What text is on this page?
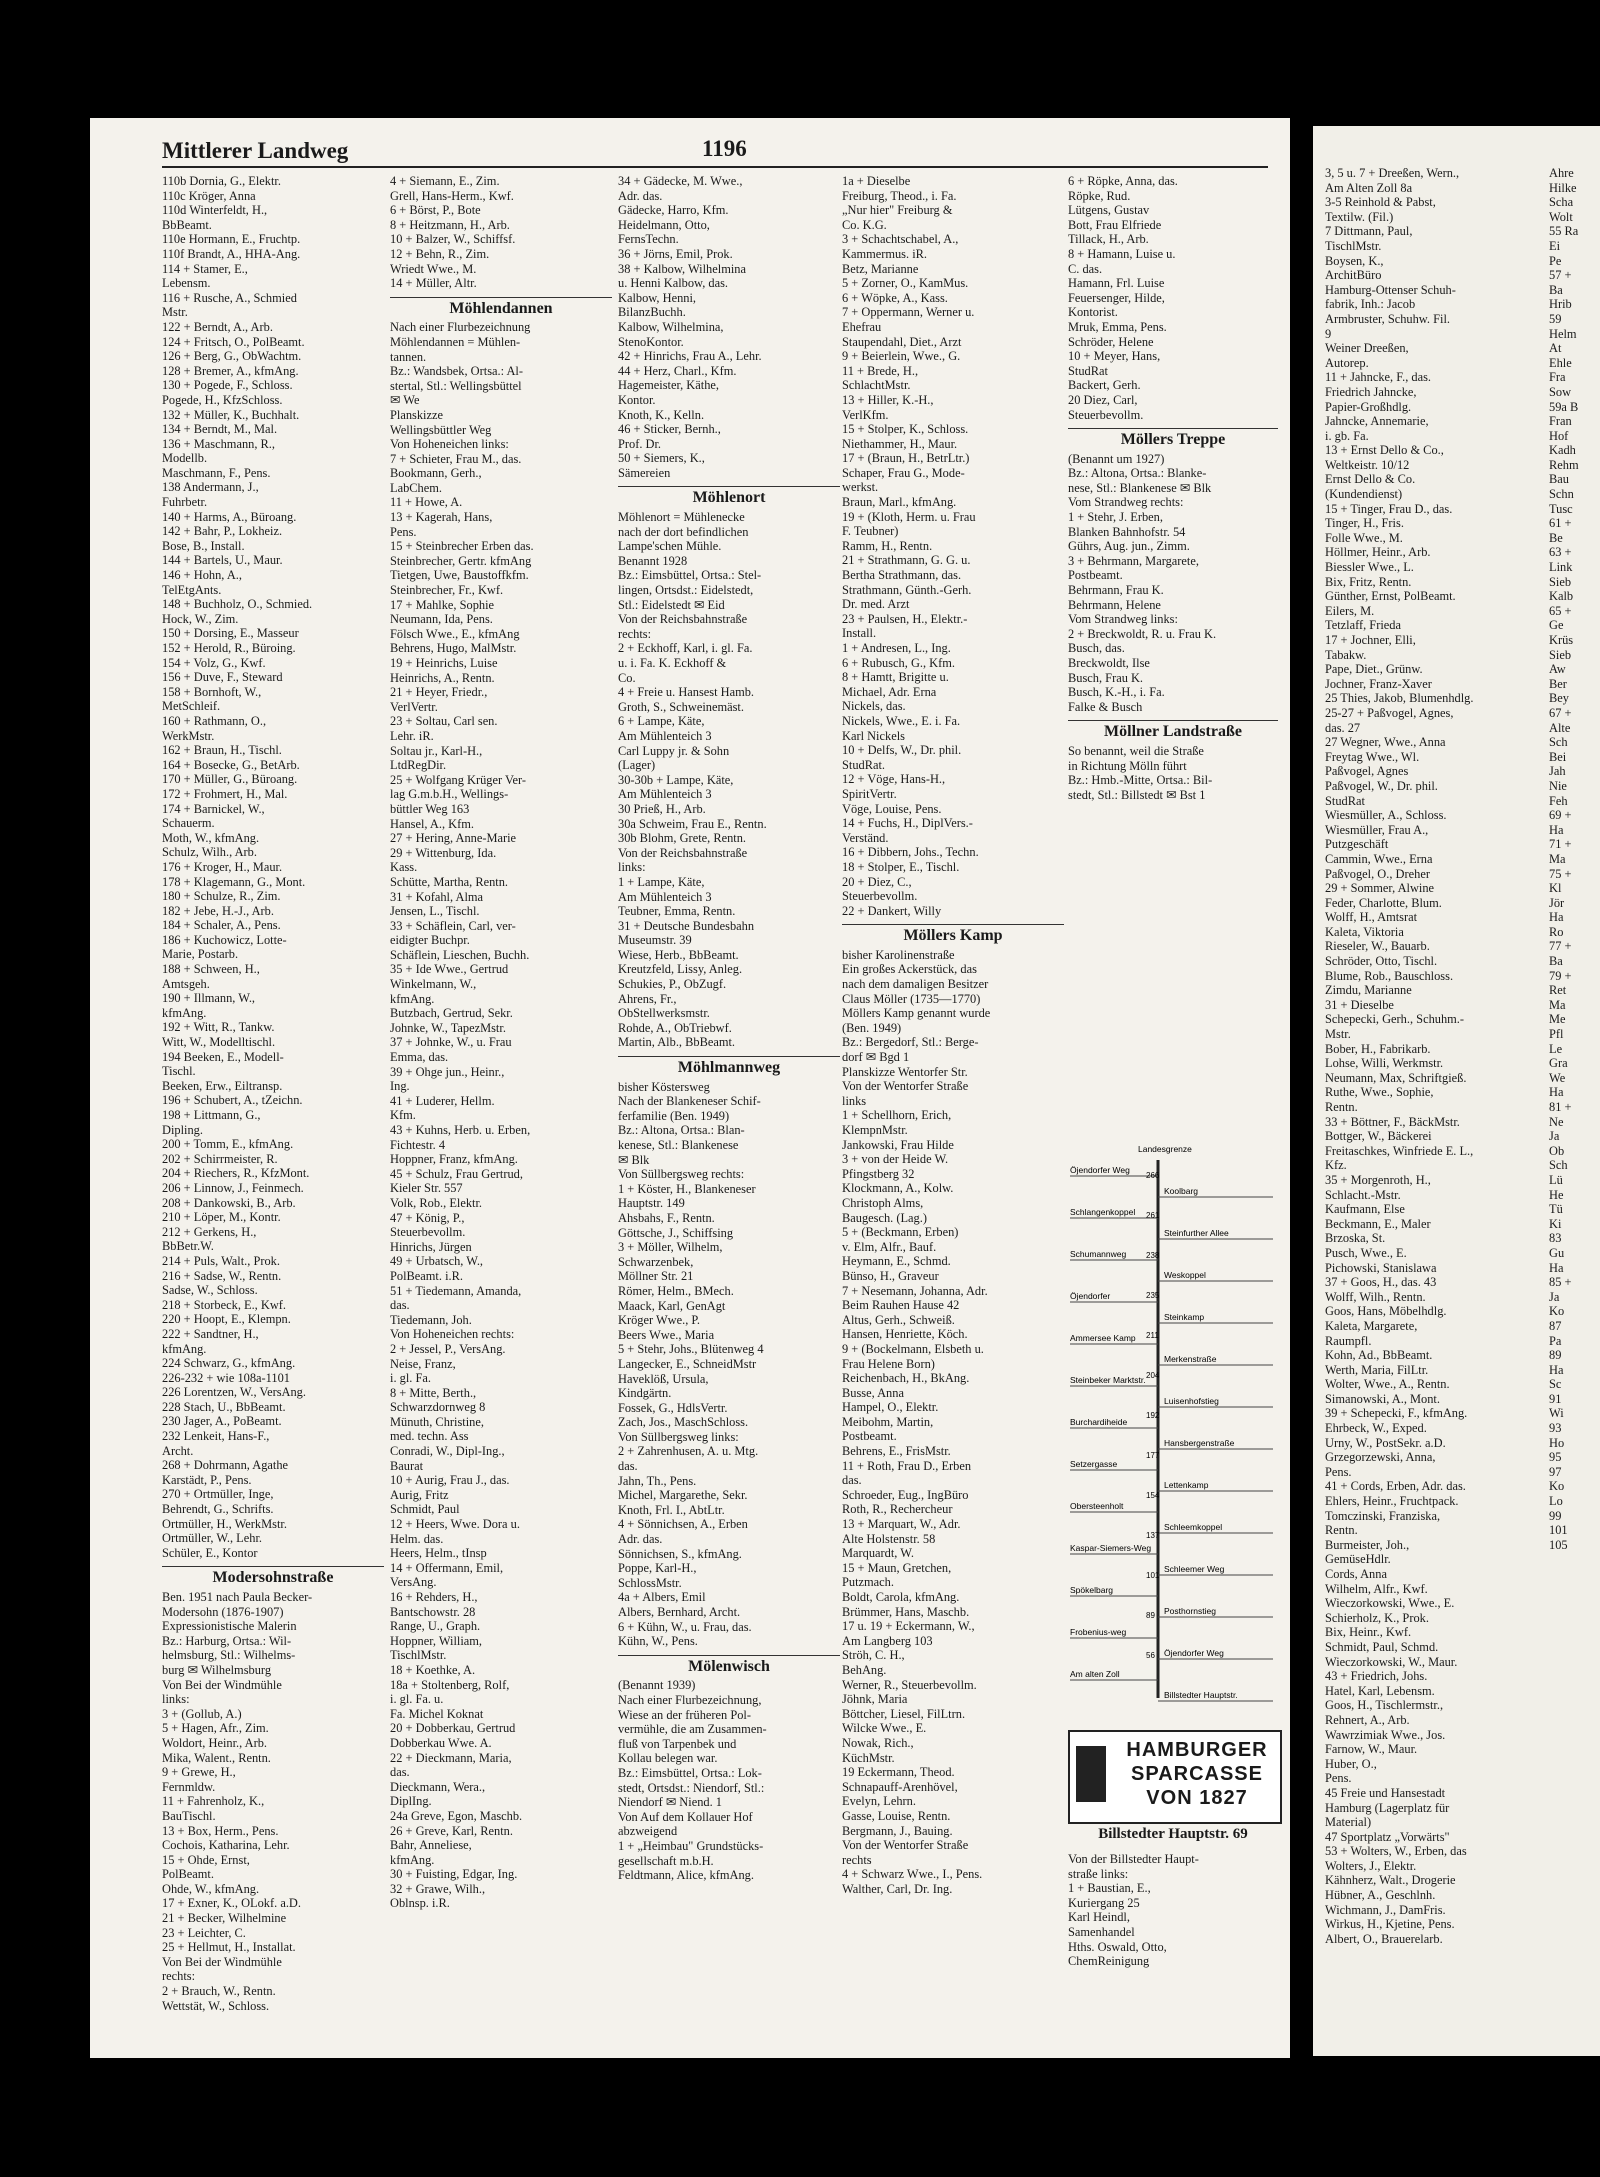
Mittlerer Landweg	1196
110b Dornia, G., Elektr.
110c Kröger, Anna
110d Winterfeldt, H.,
BbBeamt.
110e Hormann, E., Fruchtp.
110f Brandt, A., HHA-Ang.
114 + Stamer, E.,
Lebensm.
116 + Rusche, A., Schmied
Mstr.
122 + Berndt, A., Arb.
124 + Fritsch, O., PolBeamt.
126 + Berg, G., ObWachtm.
128 + Bremer, A., kfmAng.
130 + Pogede, F., Schloss.
Pogede, H., KfzSchloss.
132 + Müller, K., Buchhalt.
134 + Berndt, M., Mal.
136 + Maschmann, R.,
Modellb.
Maschmann, F., Pens.
138 Andermann, J.,
Fuhrbetr.
140 + Harms, A., Büroang.
142 + Bahr, P., Lokheiz.
Bose, B., Install.
144 + Bartels, U., Maur.
146 + Hohn, A.,
TelEtgAnts.
148 + Buchholz, O., Schmied.
Hock, W., Zim.
150 + Dorsing, E., Masseur
152 + Herold, R., Büroing.
154 + Volz, G., Kwf.
156 + Duve, F., Steward
158 + Bornhoft, W.,
MetSchleif.
160 + Rathmann, O.,
WerkMstr.
162 + Braun, H., Tischl.
164 + Bosecke, G., BetArb.
170 + Müller, G., Büroang.
172 + Frohmert, H., Mal.
174 + Barnickel, W.,
Schauerm.
Moth, W., kfmAng.
Schulz, Wilh., Arb.
176 + Kroger, H., Maur.
178 + Klagemann, G., Mont.
180 + Schulze, R., Zim.
182 + Jebe, H.-J., Arb.
184 + Schaler, A., Pens.
186 + Kuchowicz, Lotte-
Marie, Postarb.
188 + Schween, H.,
Amtsgeh.
190 + Illmann, W.,
kfmAng.
192 + Witt, R., Tankw.
Witt, W., Modelltischl.
194 Beeken, E., Modell-
Tischl.
Beeken, Erw., Eiltransp.
196 + Schubert, A., tZeichn.
198 + Littmann, G.,
Dipling.
200 + Tomm, E., kfmAng.
202 + Schirrmeister, R.
204 + Riechers, R., KfzMont.
206 + Linnow, J., Feinmech.
208 + Dankowski, B., Arb.
210 + Löper, M., Kontr.
212 + Gerkens, H.,
BbBetr.W.
214 + Puls, Walt., Prok.
216 + Sadse, W., Rentn.
Sadse, W., Schloss.
218 + Storbeck, E., Kwf.
220 + Hoopt, E., Klempn.
222 + Sandtner, H.,
kfmAng.
224 Schwarz, G., kfmAng.
226-232 + wie 108a-1101
226 Lorentzen, W., VersAng.
228 Stach, U., BbBeamt.
230 Jager, A., PoBeamt.
232 Lenkeit, Hans-F.,
Archt.
268 + Dohrmann, Agathe
Karstädt, P., Pens.
270 + Ortmüller, Inge,
Behrendt, G., Schrifts.
Ortmüller, H., WerkMstr.
Ortmüller, W., Lehr.
Schüler, E., Kontor
Modersohnstraße
Ben. 1951 nach Paula Becker-
Modersohn (1876-1907)
Expressionistische Malerin
Bz.: Harburg, Ortsa.: Wil-
helmsburg, Stl.: Wilhelms-
burg ✉ Wilhelmsburg
Von Bei der Windmühle
links:
3 + (Gollub, A.)
5 + Hagen, Afr., Zim.
Woldort, Heinr., Arb.
Mika, Walent., Rentn.
9 + Grewe, H.,
Fernmldw.
11 + Fahrenholz, K.,
BauTischl.
13 + Box, Herm., Pens.
Cochois, Katharina, Lehr.
15 + Ohde, Ernst,
PolBeamt.
Ohde, W., kfmAng.
17 + Exner, K., OLokf. a.D.
21 + Becker, Wilhelmine
23 + Leichter, C.
25 + Hellmut, H., Installat.
Von Bei der Windmühle
rechts:
2 + Brauch, W., Rentn.
Wettstät, W., Schloss.
4 + Siemann, E., Zim.
Grell, Hans-Herm., Kwf.
6 + Börst, P., Bote
8 + Heitzmann, H., Arb.
10 + Balzer, W., Schiffsf.
12 + Behn, R., Zim.
Wriedt Wwe., M.
14 + Müller, Altr.
Möhlendannen
Nach einer Flurbezeichnung
Möhlendannen = Mühlen-
tannen.
Bz.: Wandsbek, Ortsa.: Al-
stertal, Stl.: Wellingsbüttel
✉ We
Planskizze
Wellingsbüttler Weg
Von Hoheneichen links:
7 + Schieter, Frau M., das.
Bookmann, Gerh.,
LabChem.
11 + Howe, A.
13 + Kagerah, Hans,
Pens.
15 + Steinbrecher Erben das.
Steinbrecher, Gertr. kfmAng
Tietgen, Uwe, Baustoffkfm.
Steinbrecher, Fr., Kwf.
17 + Mahlke, Sophie
Neumann, Ida, Pens.
Fölsch Wwe., E., kfmAng
Behrens, Hugo, MalMstr.
19 + Heinrichs, Luise
Heinrichs, A., Rentn.
21 + Heyer, Friedr.,
VerlVertr.
23 + Soltau, Carl sen.
Lehr. iR.
Soltau jr., Karl-H.,
LtdRegDir.
25 + Wolfgang Krüger Ver-
lag G.m.b.H., Wellings-
büttler Weg 163
Hansel, A., Kfm.
27 + Hering, Anne-Marie
29 + Wittenburg, Ida.
Kass.
Schütte, Martha, Rentn.
31 + Kofahl, Alma
Jensen, L., Tischl.
33 + Schäflein, Carl, ver-
eidigter Buchpr.
Schäflein, Lieschen, Buchh.
35 + Ide Wwe., Gertrud
Winkelmann, W.,
kfmAng.
Butzbach, Gertrud, Sekr.
Johnke, W., TapezMstr.
37 + Johnke, W., u. Frau
Emma, das.
39 + Ohge jun., Heinr.,
Ing.
41 + Luderer, Hellm.
Kfm.
43 + Kuhns, Herb. u. Erben,
Fichtestr. 4
Hoppner, Franz, kfmAng.
45 + Schulz, Frau Gertrud,
Kieler Str. 557
Volk, Rob., Elektr.
47 + König, P.,
Steuerbevollm.
Hinrichs, Jürgen
49 + Urbatsch, W.,
PolBeamt. i.R.
51 + Tiedemann, Amanda,
das.
Tiedemann, Joh.
Von Hoheneichen rechts:
2 + Jessel, P., VersAng.
Neise, Franz,
i. gl. Fa.
8 + Mitte, Berth.,
Schwarzdornweg 8
Münuth, Christine,
med. techn. Ass
Conradi, W., Dipl-Ing.,
Baurat
10 + Aurig, Frau J., das.
Aurig, Fritz
Schmidt, Paul
12 + Heers, Wwe. Dora u.
Helm. das.
Heers, Helm., tInsp
14 + Offermann, Emil,
VersAng.
16 + Rehders, H.,
Bantschowstr. 28
Range, U., Graph.
Hoppner, William,
TischlMstr.
18 + Koethke, A.
18a + Stoltenberg, Rolf,
i. gl. Fa. u.
Fa. Michel Koknat
20 + Dobberkau, Gertrud
Dobberkau Wwe. A.
22 + Dieckmann, Maria,
das.
Dieckmann, Wera.,
DiplIng.
24a Greve, Egon, Maschb.
26 + Greve, Karl, Rentn.
Bahr, Anneliese,
kfmAng.
30 + Fuisting, Edgar, Ing.
32 + Grawe, Wilh.,
Oblnsp. i.R.
34 + Gädecke, M. Wwe.,
Adr. das.
Gädecke, Harro, Kfm.
Heidelmann, Otto,
FernsTechn.
36 + Jörns, Emil, Prok.
38 + Kalbow, Wilhelmina
u. Henni Kalbow, das.
Kalbow, Henni,
BilanzBuchh.
Kalbow, Wilhelmina,
StenoKontor.
42 + Hinrichs, Frau A., Lehr.
44 + Herz, Charl., Kfm.
Hagemeister, Käthe,
Kontor.
Knoth, K., Kelln.
46 + Sticker, Bernh.,
Prof. Dr.
50 + Siemers, K.,
Sämereien
Möhlenort
Möhlenort = Mühlenecke
nach der dort befindlichen
Lampe'schen Mühle.
Benannt 1928
Bz.: Eimsbüttel, Ortsa.: Stel-
lingen, Ortsdst.: Eidelstedt,
Stl.: Eidelstedt ✉ Eid
Von der Reichsbahnstraße
rechts:
2 + Eckhoff, Karl, i. gl. Fa.
u. i. Fa. K. Eckhoff &
Co.
4 + Freie u. Hansest Hamb.
Groth, S., Schweinemäst.
6 + Lampe, Käte,
Am Mühlenteich 3
Carl Luppy jr. & Sohn
(Lager)
30-30b + Lampe, Käte,
Am Mühlenteich 3
30 Prieß, H., Arb.
30a Schweim, Frau E., Rentn.
30b Blohm, Grete, Rentn.
Von der Reichsbahnstraße
links:
1 + Lampe, Käte,
Am Mühlenteich 3
Teubner, Emma, Rentn.
31 + Deutsche Bundesbahn
Museumstr. 39
Wiese, Herb., BbBeamt.
Kreutzfeld, Lissy, Anleg.
Schukies, P., ObZugf.
Ahrens, Fr.,
ObStellwerksmstr.
Rohde, A., ObTriebwf.
Martin, Alb., BbBeamt.
Möhlmannweg
bisher Köstersweg
Nach der Blankeneser Schif-
ferfamilie (Ben. 1949)
Bz.: Altona, Ortsa.: Blan-
kenese, Stl.: Blankenese
✉ Blk
Von Süllbergsweg rechts:
1 + Köster, H., Blankeneser
Hauptstr. 149
Ahsbahs, F., Rentn.
Göttsche, J., Schiffsing
3 + Möller, Wilhelm,
Schwarzenbek,
Möllner Str. 21
Römer, Helm., BMech.
Maack, Karl, GenAgt
Kröger Wwe., P.
Beers Wwe., Maria
5 + Stehr, Johs., Blütenweg 4
Langecker, E., SchneidMstr
Haveklöß, Ursula,
Kindgärtn.
Fossek, G., HdlsVertr.
Zach, Jos., MaschSchloss.
Von Süllbergsweg links:
2 + Zahrenhusen, A. u. Mtg.
das.
Jahn, Th., Pens.
Michel, Margarethe, Sekr.
Knoth, Frl. I., AbtLtr.
4 + Sönnichsen, A., Erben
Adr. das.
Sönnichsen, S., kfmAng.
Poppe, Karl-H.,
SchlossMstr.
4a + Albers, Emil
Albers, Bernhard, Archt.
6 + Kühn, W., u. Frau, das.
Kühn, W., Pens.
Mölenwisch
(Benannt 1939)
Nach einer Flurbezeichnung,
Wiese an der früheren Pol-
vermühle, die am Zusammen-
fluß von Tarpenbek und
Kollau belegen war.
Bz.: Eimsbüttel, Ortsa.: Lok-
stedt, Ortsdst.: Niendorf, Stl.:
Niendorf ✉ Niend. 1
Von Auf dem Kollauer Hof
abzweigend
1 + „Heimbau" Grundstücks-
gesellschaft m.b.H.
Feldtmann, Alice, kfmAng.
1a + Dieselbe
Freiburg, Theod., i. Fa.
„Nur hier" Freiburg &
Co. K.G.
3 + Schachtschabel, A.,
Kammermus. iR.
Betz, Marianne
5 + Zorner, O., KamMus.
6 + Wöpke, A., Kass.
7 + Oppermann, Werner u.
Ehefrau
Staupendahl, Diet., Arzt
9 + Beierlein, Wwe., G.
11 + Brede, H.,
SchlachtMstr.
13 + Hiller, K.-H.,
VerlKfm.
15 + Stolper, K., Schloss.
Niethammer, H., Maur.
17 + (Braun, H., BetrLtr.)
Schaper, Frau G., Mode-
werkst.
Braun, Marl., kfmAng.
19 + (Kloth, Herm. u. Frau
F. Teubner)
Ramm, H., Rentn.
21 + Strathmann, G. G. u.
Bertha Strathmann, das.
Strathmann, Günth.-Gerh.
Dr. med. Arzt
23 + Paulsen, H., Elektr.-
Install.
1 + Andresen, L., Ing.
6 + Rubusch, G., Kfm.
8 + Hamtt, Brigitte u.
Michael, Adr. Erna
Nickels, das.
Nickels, Wwe., E. i. Fa.
Karl Nickels
10 + Delfs, W., Dr. phil.
StudRat.
12 + Vöge, Hans-H.,
SpiritVertr.
Vöge, Louise, Pens.
14 + Fuchs, H., DiplVers.-
Verständ.
16 + Dibbern, Johs., Techn.
18 + Stolper, E., Tischl.
20 + Diez, C.,
Steuerbevollm.
22 + Dankert, Willy
Möllers Kamp
bisher Karolinenstraße
Ein großes Ackerstück, das
nach dem damaligen Besitzer
Claus Möller (1735—1770)
Möllers Kamp genannt wurde
(Ben. 1949)
Bz.: Bergedorf, Stl.: Berge-
dorf ✉ Bgd 1
Planskizze Wentorfer Str.
Von der Wentorfer Straße
links
1 + Schellhorn, Erich,
KlempnMstr.
Jankowski, Frau Hilde
3 + von der Heide W.
Pfingstberg 32
Klockmann, A., Kolw.
Christoph Alms,
Baugesch. (Lag.)
5 + (Beckmann, Erben)
v. Elm, Alfr., Bauf.
Heymann, E., Schmd.
Bünso, H., Graveur
7 + Nesemann, Johanna, Adr.
Beim Rauhen Hause 42
Altus, Gerh., Schweiß.
Hansen, Henriette, Köch.
9 + (Bockelmann, Elsbeth u.
Frau Helene Born)
Reichenbach, H., BkAng.
Busse, Anna
Hampel, O., Elektr.
Meibohm, Martin,
Postbeamt.
Behrens, E., FrisMstr.
11 + Roth, Frau D., Erben
das.
Schroeder, Eug., IngBüro
Roth, R., Rechercheur
13 + Marquart, W., Adr.
Alte Holstenstr. 58
Marquardt, W.
15 + Maun, Gretchen,
Putzmach.
Boldt, Carola, kfmAng.
Brümmer, Hans, Maschb.
17 u. 19 + Eckermann, W.,
Am Langberg 103
Ströh, C. H.,
BehAng.
Werner, R., Steuerbevollm.
Jöhnk, Maria
Böttcher, Liesel, FilLtrn.
Wilcke Wwe., E.
Nowak, Rich.,
KüchMstr.
19 Eckermann, Theod.
Schnapauff-Arenhövel,
Evelyn, Lehrn.
Gasse, Louise, Rentn.
Bergmann, J., Bauing.
Von der Wentorfer Straße
rechts
4 + Schwarz Wwe., I., Pens.
Walther, Carl, Dr. Ing.
6 + Röpke, Anna, das.
Röpke, Rud.
Lütgens, Gustav
Bott, Frau Elfriede
Tillack, H., Arb.
8 + Hamann, Luise u.
C. das.
Hamann, Frl. Luise
Feuersenger, Hilde,
Kontorist.
Mruk, Emma, Pens.
Schröder, Helene
10 + Meyer, Hans,
StudRat
Backert, Gerh.
20 Diez, Carl,
Steuerbevollm.
Möllers Treppe
(Benannt um 1927)
Bz.: Altona, Ortsa.: Blanke-
nese, Stl.: Blankenese ✉ Blk
Vom Strandweg rechts:
1 + Stehr, J. Erben,
Blanken Bahnhofstr. 54
Gührs, Aug. jun., Zimm.
3 + Behrmann, Margarete,
Postbeamt.
Behrmann, Frau K.
Behrmann, Helene
Vom Strandweg links:
2 + Breckwoldt, R. u. Frau K.
Busch, das.
Breckwoldt, Ilse
Busch, Frau K.
Busch, K.-H., i. Fa.
Falke & Busch
Möllner Landstraße
So benannt, weil die Straße
in Richtung Mölln führt
Bz.: Hmb.-Mitte, Ortsa.: Bil-
stedt, Stl.: Billstedt ✉ Bst 1
Landesgrenze
Öjendorfer Weg
Koolbarg
Schlangenkoppel
Steinfurther Allee
Schumannweg
Weskoppel
Öjendorfer
Steinkamp
Ammersee Kamp
Merkenstraße
Steinbeker Marktstr.
Luisenhofstieg
Burchardiheide
Hansbergenstraße
Setzergasse
Lettenkamp
Obersteenholt
Schleemkoppel
Kaspar-Siemers-Weg
Schleemer Weg
Spökelbarg
Posthornstieg
Frobenius-weg
Öjendorfer Weg
Am alten Zoll
Billstedter Hauptstr.
266
261
238
235
211
204
192
177
154
137
101
89
56
HAMBURGER
SPARCASSE
VON 1827
Billstedter Hauptstr. 69
Von der Billstedter Haupt-
straße links:
1 + Baustian, E.,
Kuriergang 25
Karl Heindl,
Samenhandel
Hths. Oswald, Otto,
ChemReinigung
3, 5 u. 7 + Dreeßen, Wern.,
Am Alten Zoll 8a
3-5 Reinhold & Pabst,
Textilw. (Fil.)
7 Dittmann, Paul,
TischlMstr.
Boysen, K.,
ArchitBüro
Hamburg-Ottenser Schuh-
fabrik, Inh.: Jacob
Armbruster, Schuhw. Fil.
9
Weiner Dreeßen,
Autorep.
11 + Jahncke, F., das.
Friedrich Jahncke,
Papier-Großhdlg.
Jahncke, Annemarie,
i. gb. Fa.
13 + Ernst Dello & Co.,
Weltkeistr. 10/12
Ernst Dello & Co.
(Kundendienst)
15 + Tinger, Frau D., das.
Tinger, H., Fris.
Folle Wwe., M.
Höllmer, Heinr., Arb.
Biessler Wwe., L.
Bix, Fritz, Rentn.
Günther, Ernst, PolBeamt.
Eilers, M.
Tetzlaff, Frieda
17 + Jochner, Elli,
Tabakw.
Pape, Diet., Grünw.
Jochner, Franz-Xaver
25 Thies, Jakob, Blumenhdlg.
25-27 + Paßvogel, Agnes,
das. 27
27 Wegner, Wwe., Anna
Freytag Wwe., Wl.
Paßvogel, Agnes
Paßvogel, W., Dr. phil.
StudRat
Wiesmüller, A., Schloss.
Wiesmüller, Frau A.,
Putzgeschäft
Cammin, Wwe., Erna
Paßvogel, O., Dreher
29 + Sommer, Alwine
Feder, Charlotte, Blum.
Wolff, H., Amtsrat
Kaleta, Viktoria
Rieseler, W., Bauarb.
Schröder, Otto, Tischl.
Blume, Rob., Bauschloss.
Zimdu, Marianne
31 + Dieselbe
Schepecki, Gerh., Schuhm.-
Mstr.
Bober, H., Fabrikarb.
Lohse, Willi, Werkmstr.
Neumann, Max, Schriftgieß.
Ruthe, Wwe., Sophie,
Rentn.
33 + Böttner, F., BäckMstr.
Bottger, W., Bäckerei
Freitaschkes, Winfriede E. L.,
Kfz.
35 + Morgenroth, H.,
Schlacht.-Mstr.
Kaufmann, Else
Beckmann, E., Maler
Brzoska, St.
Pusch, Wwe., E.
Pichowski, Stanislawa
37 + Goos, H., das. 43
Wolff, Wilh., Rentn.
Goos, Hans, Möbelhdlg.
Kaleta, Margarete,
Raumpfl.
Kohn, Ad., BbBeamt.
Werth, Maria, FilLtr.
Wolter, Wwe., A., Rentn.
Simanowski, A., Mont.
39 + Schepecki, F., kfmAng.
Ehrbeck, W., Exped.
Urny, W., PostSekr. a.D.
Grzegorzewski, Anna,
Pens.
41 + Cords, Erben, Adr. das.
Ehlers, Heinr., Fruchtpack.
Tomczinski, Franziska,
Rentn.
Burmeister, Joh.,
GemüseHdlr.
Cords, Anna
Wilhelm, Alfr., Kwf.
Wieczorkowski, Wwe., E.
Schierholz, K., Prok.
Bix, Heinr., Kwf.
Schmidt, Paul, Schmd.
Wieczorkowski, W., Maur.
43 + Friedrich, Johs.
Hatel, Karl, Lebensm.
Goos, H., Tischlermstr.,
Rehnert, A., Arb.
Wawrzimiak Wwe., Jos.
Farnow, W., Maur.
Huber, O.,
Pens.
45 Freie und Hansestadt
Hamburg (Lagerplatz für
Material)
47 Sportplatz „Vorwärts"
53 + Wolters, W., Erben, das
Wolters, J., Elektr.
Kähnherz, Walt., Drogerie
Hübner, A., Geschlnh.
Wichmann, J., DamFris.
Wirkus, H., Kjetine, Pens.
Albert, O., Brauerelarb.
Ahre
Hilke
Scha
Wolt
55 Ra
Ei
Pe
57 +
Ba
Hrib
59
Helm
At
Ehle
Fra
Sow
59a B
Fran
Hof
Kadh
Rehm
Bau
Schn
Tusc
61 +
Be
63 +
Link
Sieb
Kalb
65 +
Ge
Krüs
Sieb
Aw
Ber
Bey
67 +
Alte
Sch
Bei
Jah
Nie
Feh
69 +
Ha
71 +
Ma
75 +
Kl
Jör
Ha
Ro
77 +
Ba
79 +
Ret
Ma
Me
Pfl
Le
Gra
We
Ha
81 +
Ne
Ja
Ob
Sch
Lü
He
Tü
Ki
83
Gu
Ha
85 +
Ja
Ko
87
Pa
89
Ha
Sc
91
Wi
93
Ho
95
97
Ko
Lo
99
101
105
